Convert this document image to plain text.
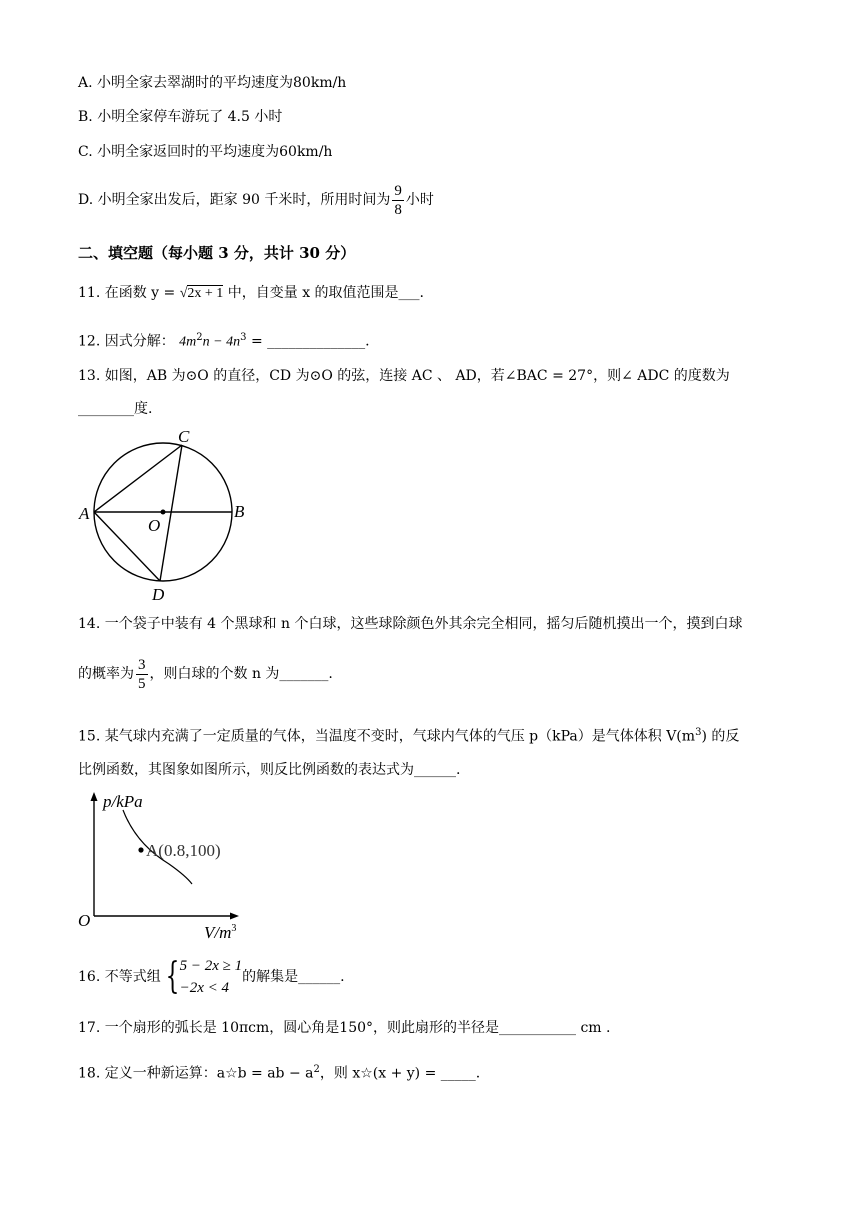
A. 小明全家去翠湖时的平均速度为80km/h
B. 小明全家停车游玩了 4.5 小时
C. 小明全家返回时的平均速度为60km/h
D. 小明全家出发后，距家 90 千米时，所用时间为 $\frac{9}{8}$ 小时
二、填空题（每小题 3 分，共计 30 分）
11. 在函数 y = √2x + 1 中，自变量 x 的取值范围是___.
12. 因式分解： $4m^2n - 4n^3$ = ______________.
13. 如图，AB 为⊙O 的直径，CD 为⊙O 的弦，连接 AC 、 AD，若∠BAC = 27°，则∠ ADC 的度数为
________度.
A	B
C
D
O
14. 一个袋子中装有 4 个黑球和 n 个白球，这些球除颜色外其余完全相同，摇匀后随机摸出一个，摸到白球
的概率为 $\frac{3}{5}$ ，则白球的个数 n 为_______.
15. 某气球内充满了一定质量的气体，当温度不变时，气球内气体的气压 p（kPa）是气体体积 $V(m^3)$ 的反
比例函数，其图象如图所示，则反比例函数的表达式为______.
p/kPa
O
A(0.8,100)
$V/m^3$
16. 不等式组 { 5 − 2x ≥ 1
−2x < 4
的解集是______.
17. 一个扇形的弧长是 10πcm，圆心角是150°，则此扇形的半径是___________ cm .
18. 定义一种新运算：a☆b = ab − $a^2$，则 x☆(x + y) = _____.
